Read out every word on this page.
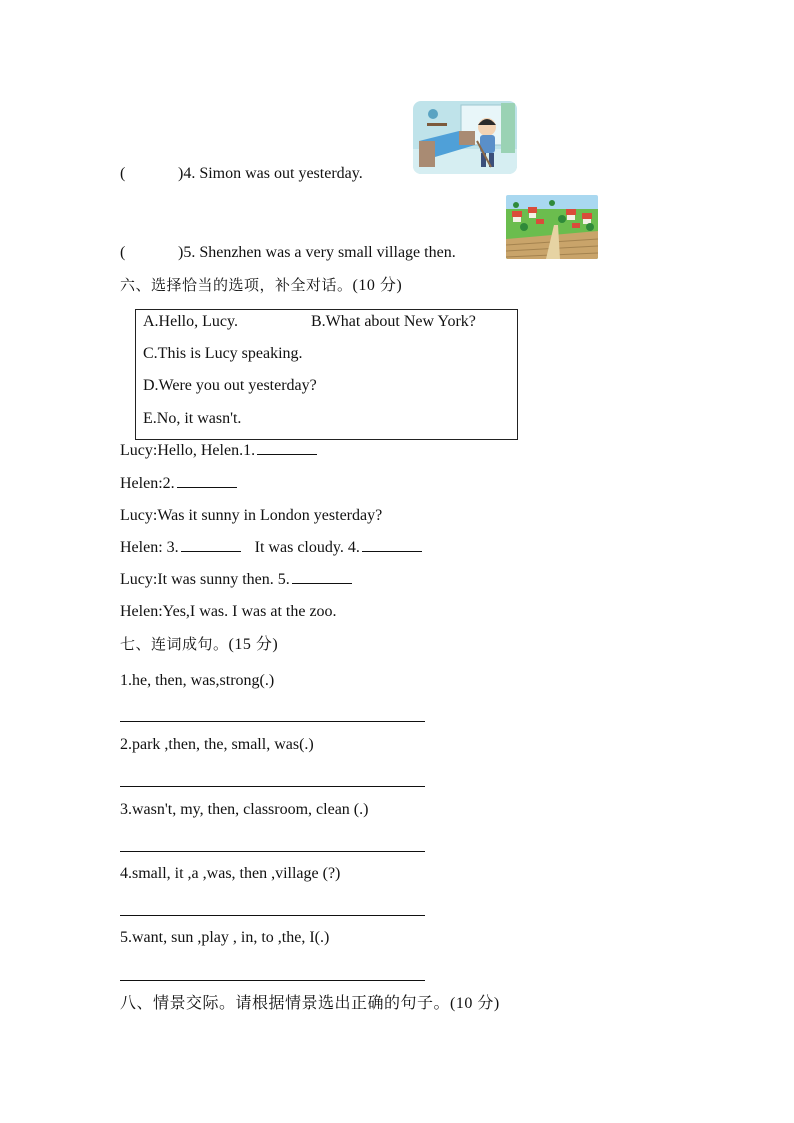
(	)4. Simon was out yesterday.
(	)5. Shenzhen was a very small village then.
六、选择恰当的选项，补全对话。(10 分)
A.Hello, Lucy.	B.What about New York?
C.This is Lucy speaking.
D.Were you out yesterday?
E.No, it wasn't.
Lucy:Hello, Helen.1.
Helen:2.
Lucy:Was it sunny in London yesterday?
Helen: 3.	It was cloudy. 4.
Lucy:It was sunny then. 5.
Helen:Yes,I was. I was at the zoo.
七、连词成句。(15 分)
1.he, then, was,strong(.)
2.park ,then, the, small, was(.)
3.wasn't, my, then, classroom, clean (.)
4.small, it ,a ,was, then ,village (?)
5.want, sun ,play , in, to ,the, I(.)
八、情景交际。请根据情景选出正确的句子。(10 分)
